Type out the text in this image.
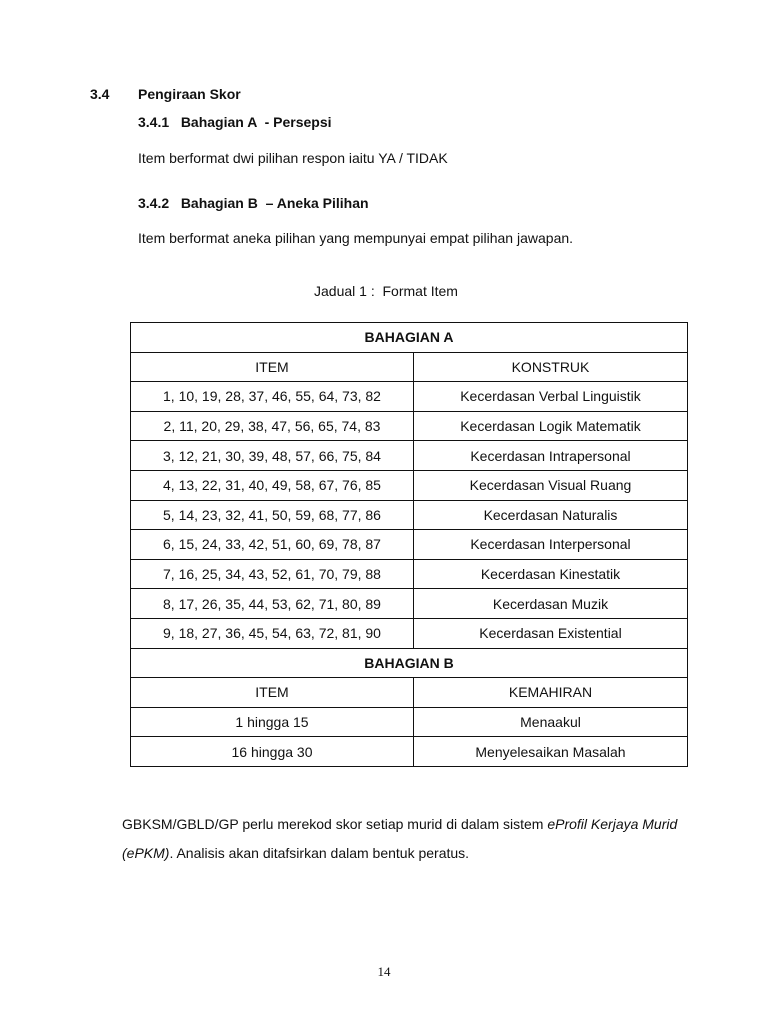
3.4 Pengiraan Skor
3.4.1 Bahagian A  - Persepsi
Item berformat dwi pilihan respon iaitu YA / TIDAK
3.4.2 Bahagian B  – Aneka Pilihan
Item berformat aneka pilihan yang mempunyai empat pilihan jawapan.
Jadual 1 :  Format Item
BAHAGIAN A	
ITEM	KONSTRUK
1, 10, 19, 28, 37, 46, 55, 64, 73, 82	Kecerdasan Verbal Linguistik
2, 11, 20, 29, 38, 47, 56, 65, 74, 83	Kecerdasan Logik Matematik
3, 12, 21, 30, 39, 48, 57, 66, 75, 84	Kecerdasan Intrapersonal
4, 13, 22, 31, 40, 49, 58, 67, 76, 85	Kecerdasan Visual Ruang
5, 14, 23, 32, 41, 50, 59, 68, 77, 86	Kecerdasan Naturalis
6, 15, 24, 33, 42, 51, 60, 69, 78, 87	Kecerdasan Interpersonal
7, 16, 25, 34, 43, 52, 61, 70, 79, 88	Kecerdasan Kinestatik
8, 17, 26, 35, 44, 53, 62, 71, 80, 89	Kecerdasan Muzik
9, 18, 27, 36, 45, 54, 63, 72, 81, 90	Kecerdasan Existential
BAHAGIAN B	
ITEM	KEMAHIRAN
1 hingga 15	Menaakul
16 hingga 30	Menyelesaikan Masalah
GBKSM/GBLD/GP perlu merekod skor setiap murid di dalam sistem eProfil Kerjaya Murid (ePKM). Analisis akan ditafsirkan dalam bentuk peratus.
14
